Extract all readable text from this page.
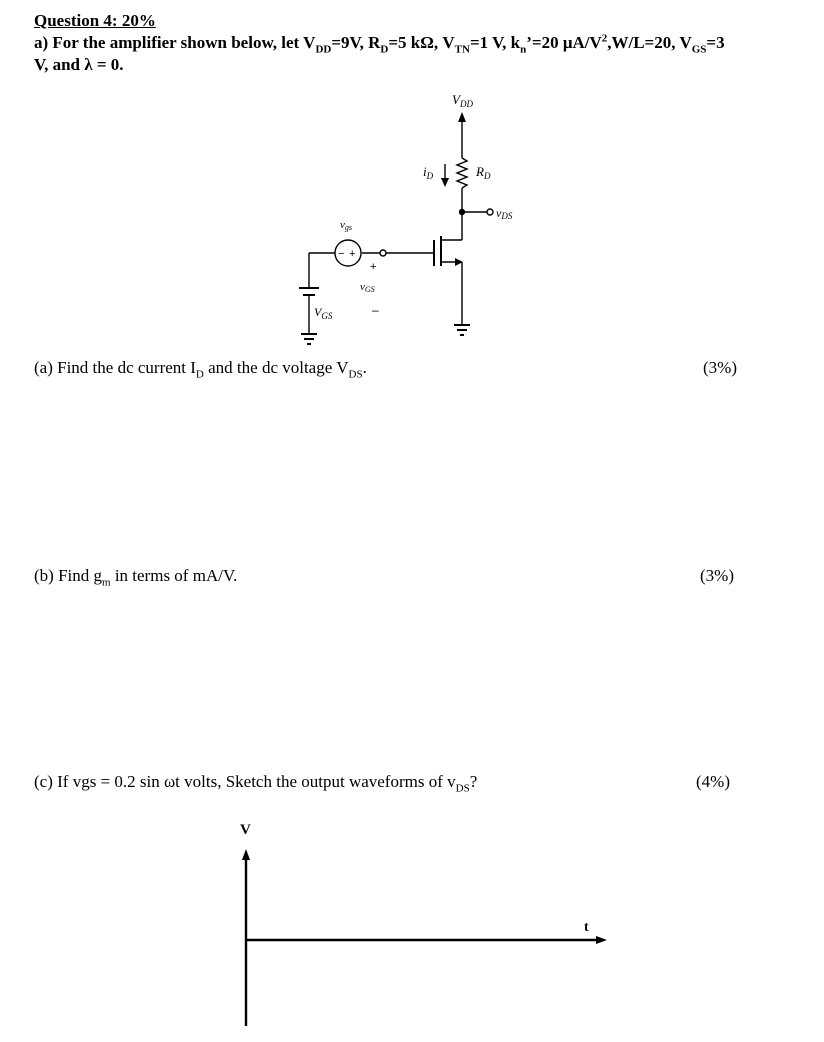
Question 4: 20%
a) For the amplifier shown below, let $V_{DD}=9V$, $R_D=5$ kΩ, $V_{TN}=1$ V, $k_n’=20$ $\mu A/V^2,W/L=20$, $V_{GS}=3$
V, and λ = 0.
$V_{DD}$
$i_D$	$R_D$
vDS
vgs
− +
+
vGS
–
$V_{GS}$
(a) Find the dc current $I_D$ and the dc voltage $V_{DS}$.	(3%)
(b) Find $g_m$ in terms of mA/V.	(3%)
(c) If vgs = 0.2 sin ωt volts, Sketch the output waveforms of $v_{DS}$?	(4%)
V
t
